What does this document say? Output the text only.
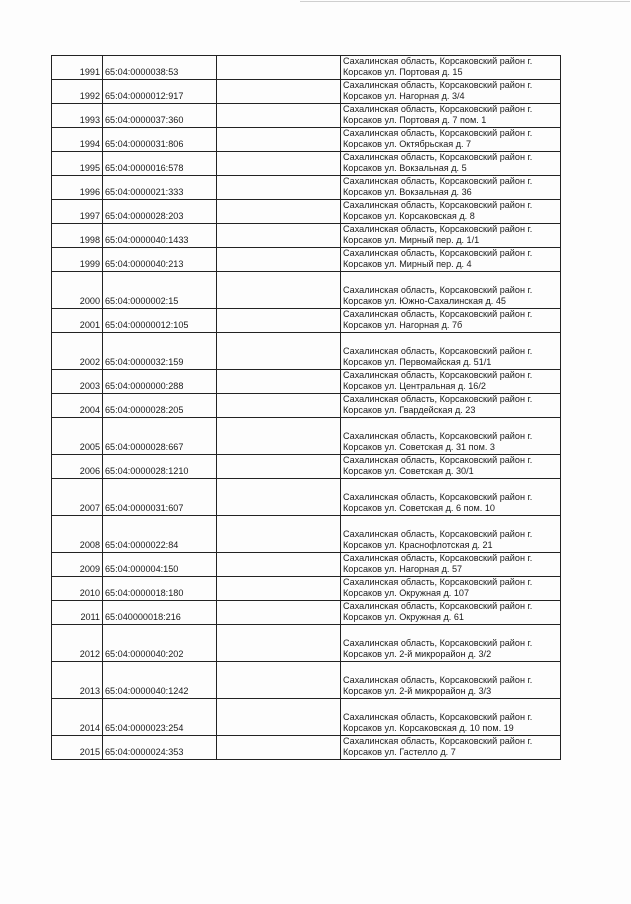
1991	65:04:0000038:53		Сахалинская область, Корсаковский район г.
Корсаков ул. Портовая д. 15

1992	65:04:0000012:917		Сахалинская область, Корсаковский район г.
Корсаков ул. Нагорная д. 3/4

1993	65:04:0000037:360		Сахалинская область, Корсаковский район г.
Корсаков ул. Портовая д. 7 пом. 1

1994	65:04:0000031:806		Сахалинская область, Корсаковский район г.
Корсаков ул. Октябрьская д. 7

1995	65:04:0000016:578		Сахалинская область, Корсаковский район г.
Корсаков ул. Вокзальная д. 5

1996	65:04:0000021:333		Сахалинская область, Корсаковский район г.
Корсаков ул. Вокзальная д. 36

1997	65:04:0000028:203		Сахалинская область, Корсаковский район г.
Корсаков ул. Корсаковская д. 8

1998	65:04:0000040:1433		Сахалинская область, Корсаковский район г.
Корсаков ул. Мирный пер. д. 1/1

1999	65:04:0000040:213		Сахалинская область, Корсаковский район г.
Корсаков ул. Мирный пер. д. 4

2000	65:04:0000002:15		Сахалинская область, Корсаковский район г.
Корсаков ул. Южно-Сахалинская д. 45

2001	65:04:00000012:105		Сахалинская область, Корсаковский район г.
Корсаков ул. Нагорная д. 7б

2002	65:04:0000032:159		Сахалинская область, Корсаковский район г.
Корсаков ул. Первомайская д. 51/1

2003	65:04:0000000:288		Сахалинская область, Корсаковский район г.
Корсаков ул. Центральная д. 16/2

2004	65:04:0000028:205		Сахалинская область, Корсаковский район г.
Корсаков ул. Гвардейская д. 23

2005	65:04:0000028:667		Сахалинская область, Корсаковский район г.
Корсаков ул. Советская д. 31 пом. 3

2006	65:04:0000028:1210		Сахалинская область, Корсаковский район г.
Корсаков ул. Советская д. 30/1

2007	65:04:0000031:607		Сахалинская область, Корсаковский район г.
Корсаков ул. Советская д. 6 пом. 10

2008	65:04:0000022:84		Сахалинская область, Корсаковский район г.
Корсаков ул. Краснофлотская д. 21

2009	65:04:000004:150		Сахалинская область, Корсаковский район г.
Корсаков ул. Нагорная д. 57

2010	65:04:0000018:180		Сахалинская область, Корсаковский район г.
Корсаков ул. Окружная д. 107

2011	65:040000018:216		Сахалинская область, Корсаковский район г.
Корсаков ул. Окружная д. 61

2012	65:04:0000040:202		Сахалинская область, Корсаковский район г.
Корсаков ул. 2-й микрорайон д. 3/2

2013	65:04:0000040:1242		Сахалинская область, Корсаковский район г.
Корсаков ул. 2-й микрорайон д. 3/3

2014	65:04:0000023:254		Сахалинская область, Корсаковский район г.
Корсаков ул. Корсаковская д. 10 пом. 19

2015	65:04:0000024:353		Сахалинская область, Корсаковский район г.
Корсаков ул. Гастелло д. 7
